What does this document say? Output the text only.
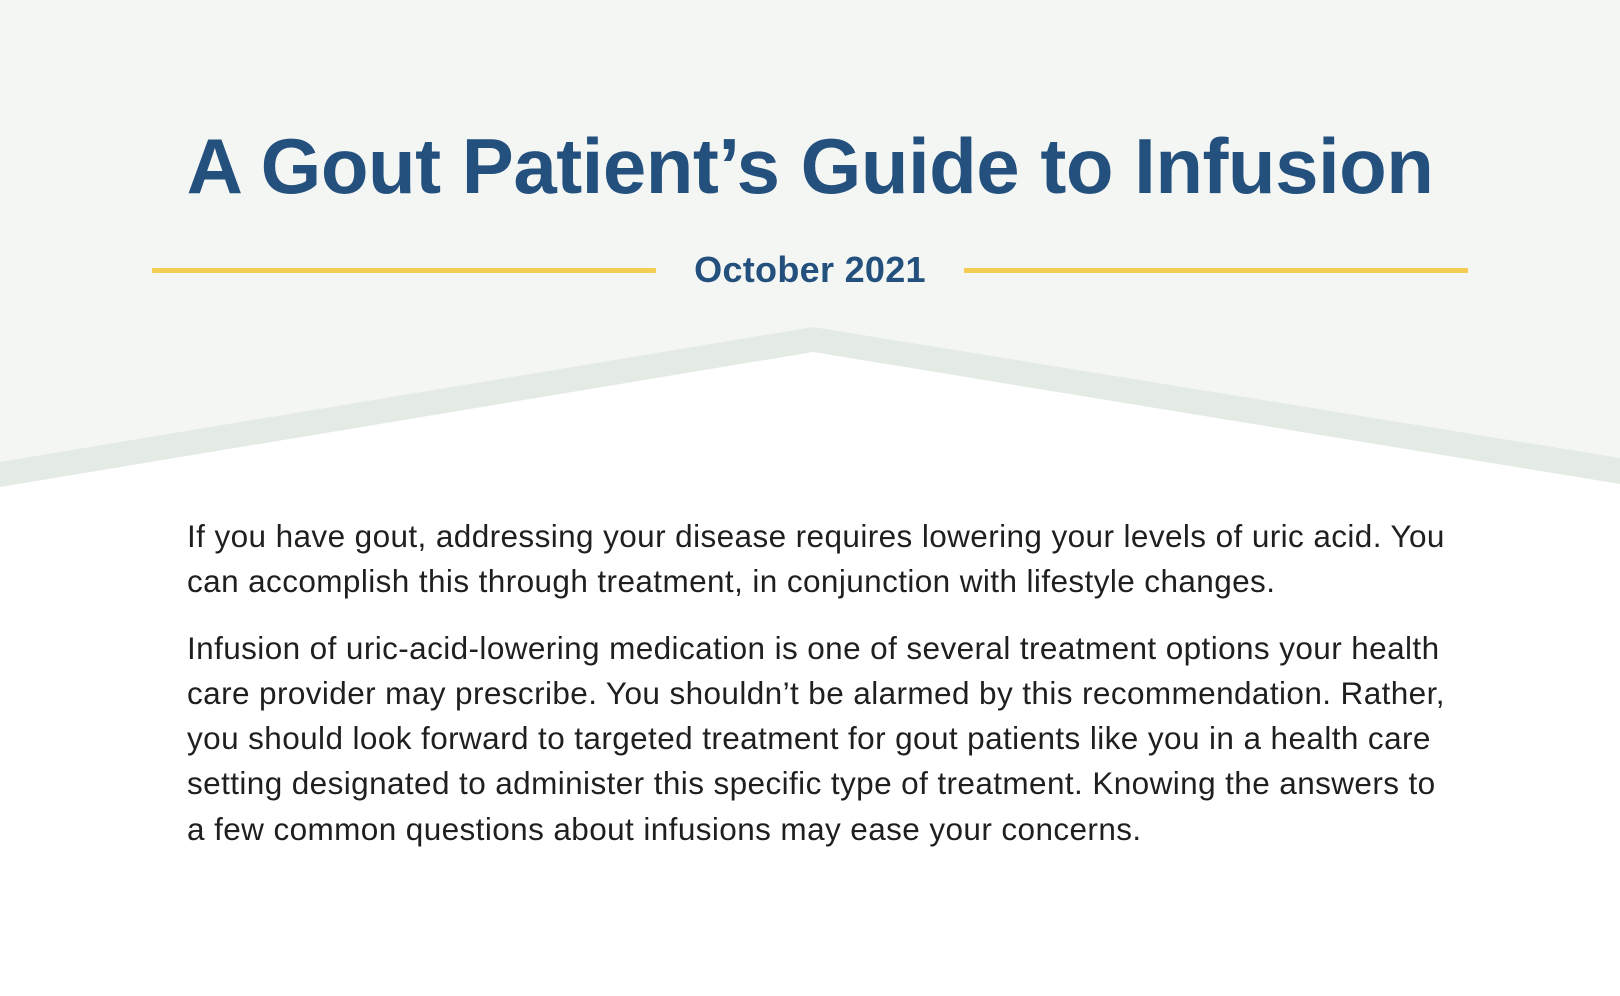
A Gout Patient’s Guide to Infusion
October 2021

If you have gout, addressing your disease requires lowering your levels of uric acid. You can accomplish this through treatment, in conjunction with lifestyle changes.

Infusion of uric-acid-lowering medication is one of several treatment options your health care provider may prescribe. You shouldn’t be alarmed by this recommendation. Rather, you should look forward to targeted treatment for gout patients like you in a health care setting designated to administer this specific type of treatment. Knowing the answers to a few common questions about infusions may ease your concerns.
